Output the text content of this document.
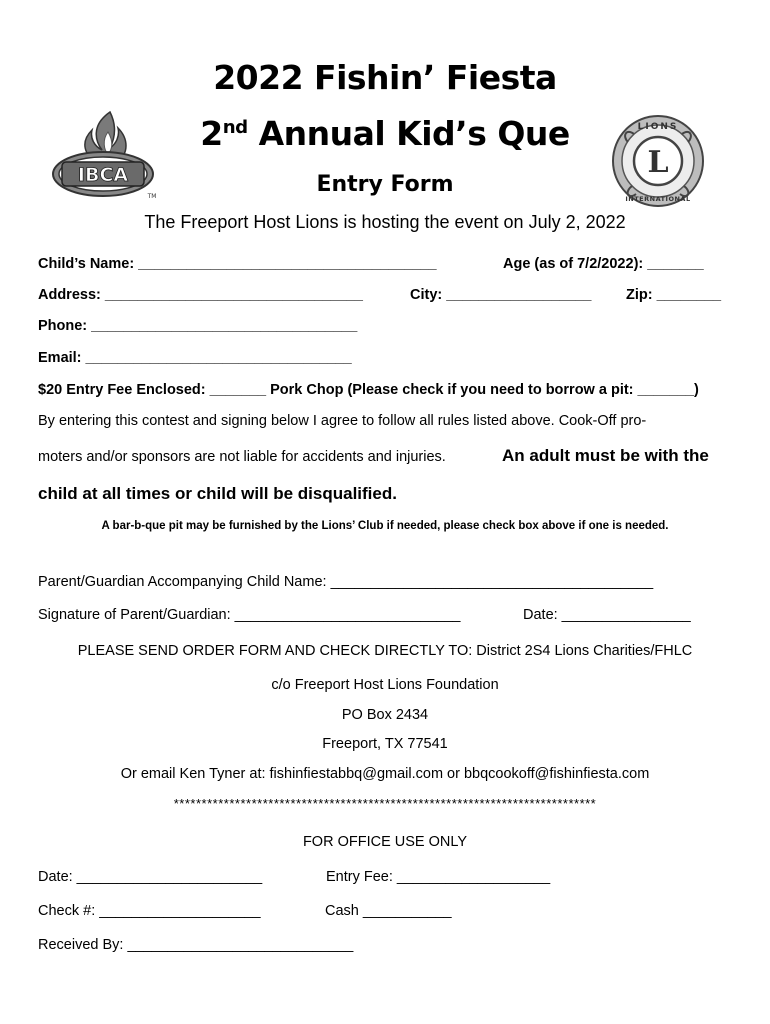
IBCA
TM
L
LIONS
INTERNATIONAL
2022 Fishin’ Fiesta
2nd Annual Kid’s Que
Entry Form
The Freeport Host Lions is hosting the event on July 2, 2022
Child’s Name: _____________________________________	Age (as of 7/2/2022): _______
Address: ________________________________	City: __________________ Zip: ________
Phone: _________________________________
Email: _________________________________
$20 Entry Fee Enclosed: _______ Pork Chop (Please check if you need to borrow a pit: _______)
By entering this contest and signing below I agree to follow all rules listed above. Cook-Off pro-
moters and/or sponsors are not liable for accidents and injuries.	An adult must be with the
child at all times or child will be disqualified.
A bar-b-que pit may be furnished by the Lions’ Club if needed, please check box above if one is needed.
Parent/Guardian Accompanying Child Name: ________________________________________
Signature of Parent/Guardian: ____________________________	Date: ________________
PLEASE SEND ORDER FORM AND CHECK DIRECTLY TO: District 2S4 Lions Charities/FHLC
c/o Freeport Host Lions Foundation
PO Box 2434
Freeport, TX 77541
Or email Ken Tyner at: fishinfiestabbq@gmail.com or bbqcookoff@fishinfiesta.com
****************************************************************************
FOR OFFICE USE ONLY
Date: _______________________	Entry Fee: ___________________
Check #: ____________________	Cash ___________
Received By: ____________________________
